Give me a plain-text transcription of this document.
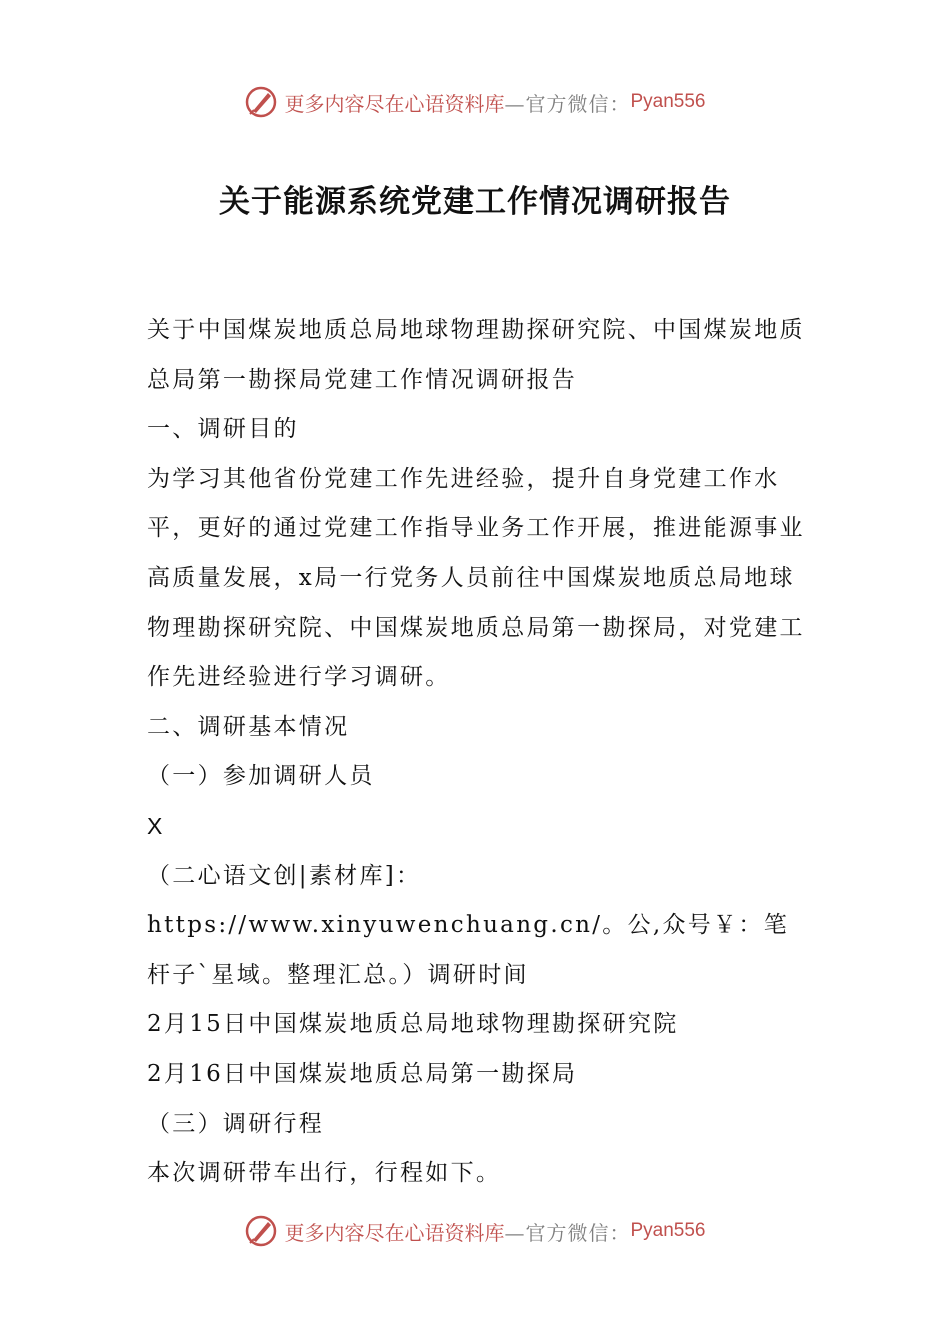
更多内容尽在心语资料库 —官方微信： Pyan556
关于能源系统党建工作情况调研报告

关于中国煤炭地质总局地球物理勘探研究院、中国煤炭地质总局第一勘探局党建工作情况调研报告

一、调研目的

为学习其他省份党建工作先进经验，提升自身党建工作水平，更好的通过党建工作指导业务工作开展，推进能源事业高质量发展，x局一行党务人员前往中国煤炭地质总局地球物理勘探研究院、中国煤炭地质总局第一勘探局，对党建工作先进经验进行学习调研。

二、调研基本情况

（一）参加调研人员

X

（二心语文创|素材库]：https://www.xinyuwenchuang.cn/。公,众号￥：笔杆子`星域。整理汇总。）调研时间

2月15日中国煤炭地质总局地球物理勘探研究院

2月16日中国煤炭地质总局第一勘探局

（三）调研行程

本次调研带车出行，行程如下。

更多内容尽在心语资料库 —官方微信： Pyan556
